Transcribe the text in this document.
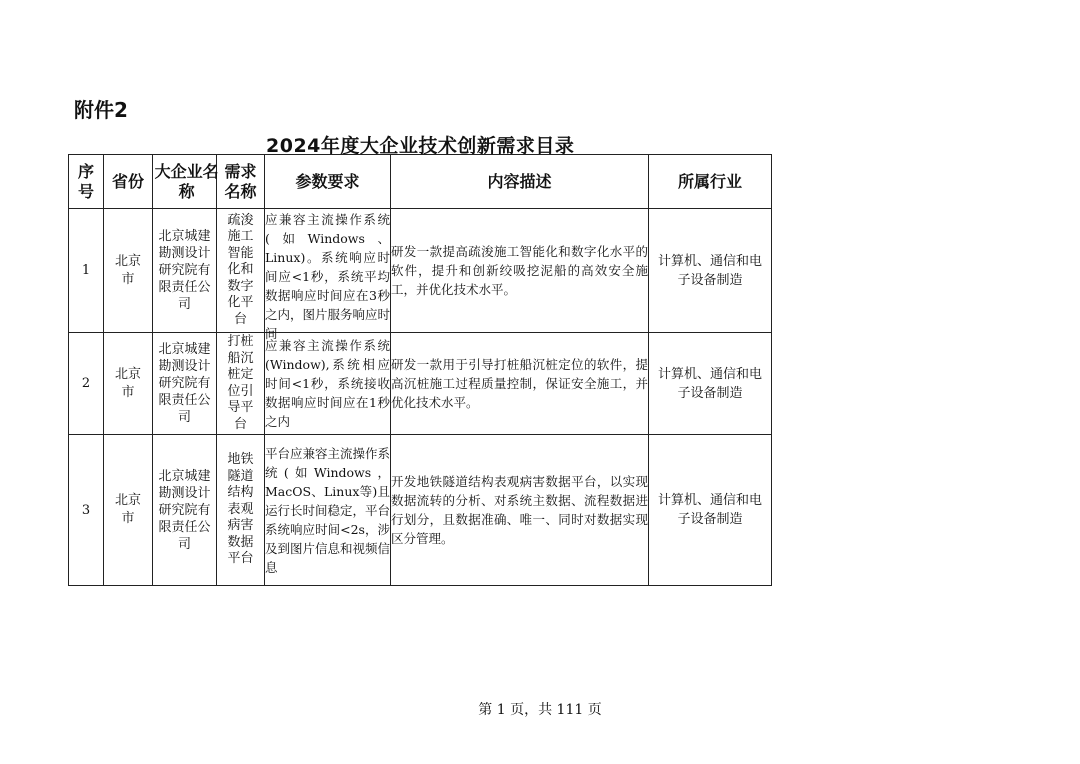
附件2
2024年度大企业技术创新需求目录
序号	省份	大企业名称	需求名称	参数要求	内容描述	所属行业
1	北京市	北京城建勘测设计研究院有限责任公司	疏浚施工智能化和数字化平台	应兼容主流操作系统(如Windows、Linux)。系统响应时间应<1秒，系统平均数据响应时间应在3秒之内，图片服务响应时间	研发一款提高疏浚施工智能化和数字化水平的软件，提升和创新绞吸挖泥船的高效安全施工，并优化技术水平。	计算机、通信和电子设备制造

2	北京市	北京城建勘测设计研究院有限责任公司	打桩船沉桩定位引导平台	应兼容主流操作系统(Window),系统相应时间<1秒，系统接收数据响应时间应在1秒之内	研发一款用于引导打桩船沉桩定位的软件，提高沉桩施工过程质量控制，保证安全施工，并优化技术水平。	计算机、通信和电子设备制造

3	北京市	北京城建勘测设计研究院有限责任公司	地铁隧道结构表观病害数据平台	平台应兼容主流操作系统(如Windows，MacOS、Linux等)且运行长时间稳定，平台系统响应时间<2s，涉及到图片信息和视频信息	开发地铁隧道结构表观病害数据平台，以实现数据流转的分析、对系统主数据、流程数据进行划分，且数据准确、唯一、同时对数据实现区分管理。	计算机、通信和电子设备制造
第 1 页，共 111 页
